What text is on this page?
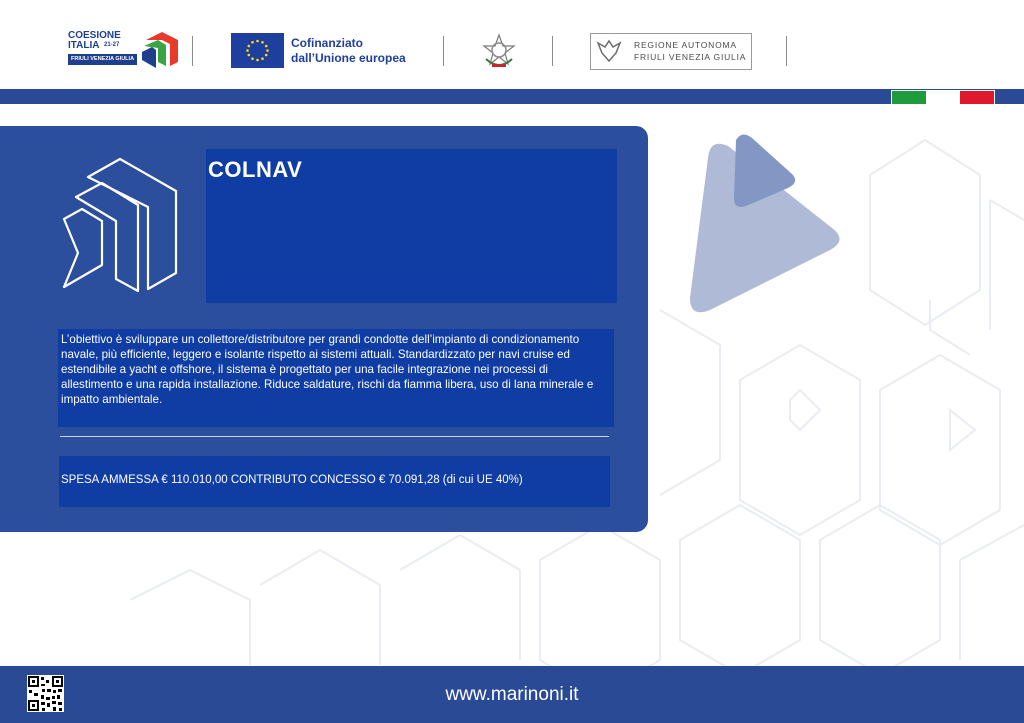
COESIONE
ITALIA 21-27
FRIULI VENEZIA GIULIA
Cofinanziato
dall’Unione europea
REGIONE AUTONOMA
FRIULI VENEZIA GIULIA
COLNAV
L’obiettivo è sviluppare un collettore/distributore per grandi condotte dell’impianto di condizionamento navale, più efficiente, leggero e isolante rispetto ai sistemi attuali. Standardizzato per navi cruise ed estendibile a yacht e offshore, il sistema è progettato per una facile integrazione nei processi di allestimento e una rapida installazione. Riduce saldature, rischi da fiamma libera, uso di lana minerale e impatto ambientale.
SPESA AMMESSA € 110.010,00 CONTRIBUTO CONCESSO € 70.091,28 (di cui UE 40%)
www.marinoni.it
